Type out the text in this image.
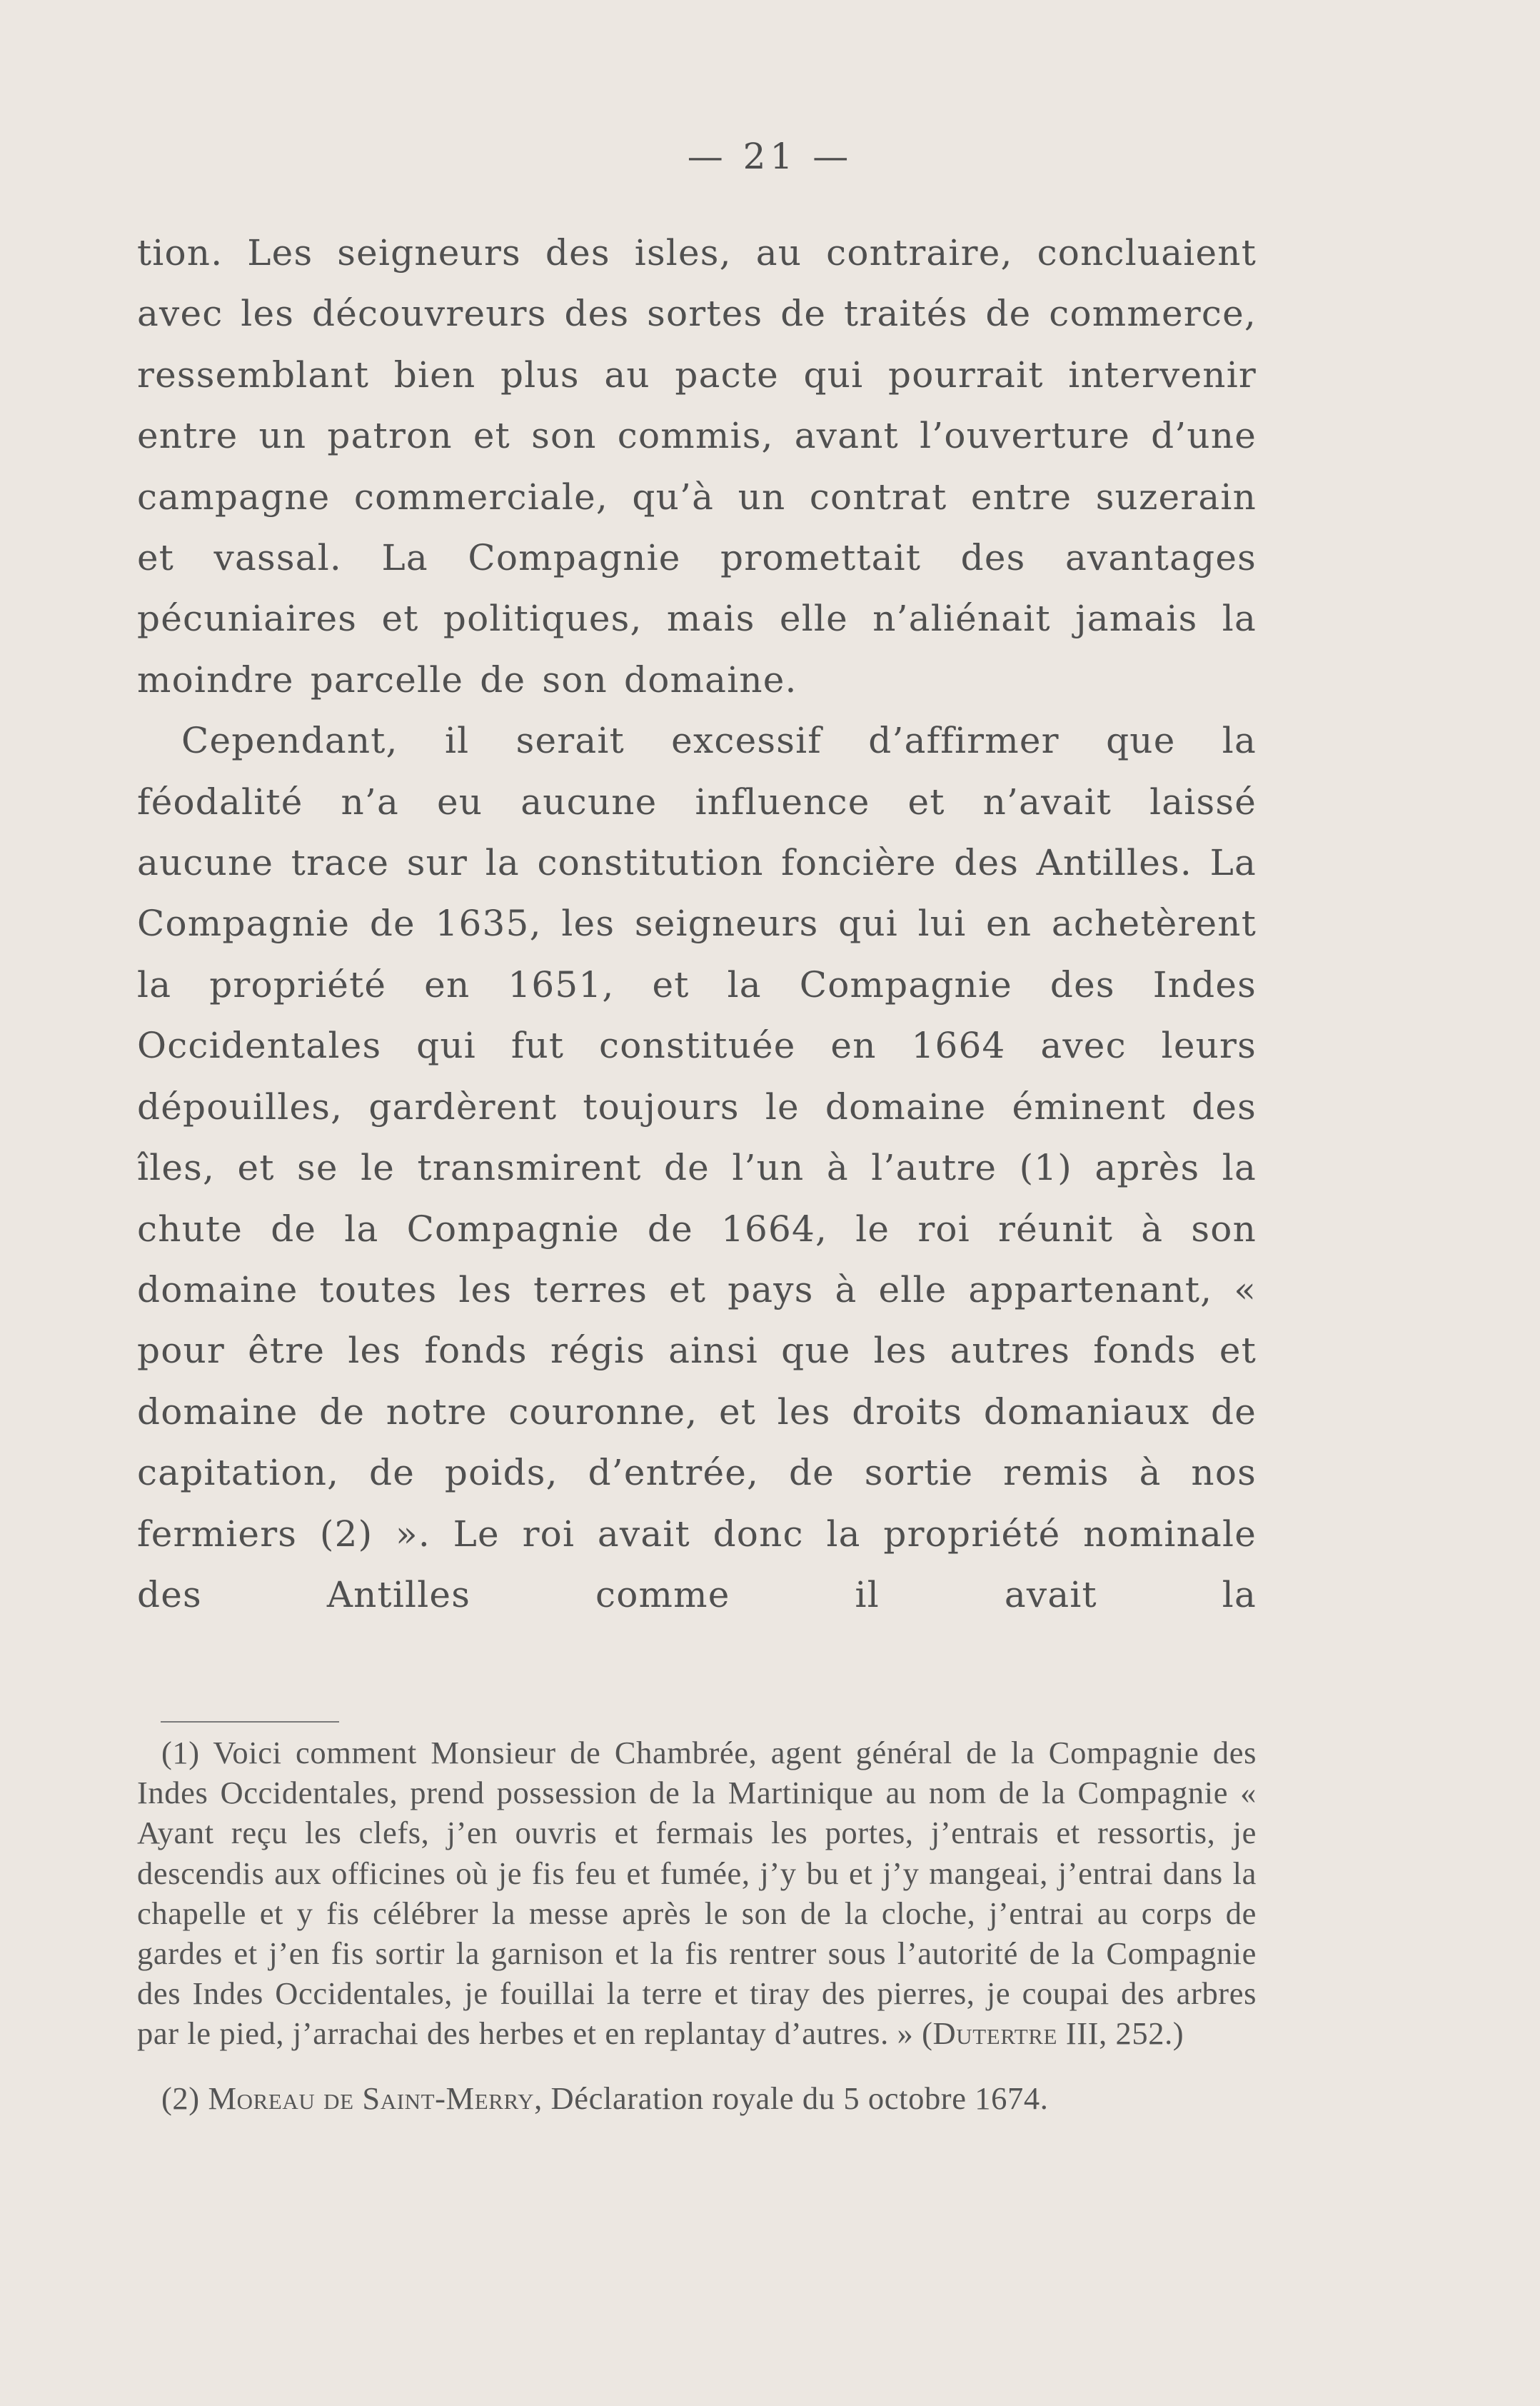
— 21 —

tion. Les seigneurs des isles, au contraire, concluaient avec les découvreurs des sortes de traités de commerce, ressemblant bien plus au pacte qui pourrait intervenir entre un patron et son commis, avant l’ouverture d’une campagne commerciale, qu’à un contrat entre suzerain et vassal. La Compagnie promettait des avantages pécuniaires et politiques, mais elle n’aliénait jamais la moindre parcelle de son domaine.

Cependant, il serait excessif d’affirmer que la féodalité n’a eu aucune influence et n’avait laissé aucune trace sur la constitution foncière des Antilles. La Compagnie de 1635, les seigneurs qui lui en achetèrent la propriété en 1651, et la Compagnie des Indes Occidentales qui fut constituée en 1664 avec leurs dépouilles, gardèrent toujours le domaine éminent des îles, et se le transmirent de l’un à l’autre (1) après la chute de la Compagnie de 1664, le roi réunit à son domaine toutes les terres et pays à elle appartenant, « pour être les fonds régis ainsi que les autres fonds et domaine de notre couronne, et les droits domaniaux de capitation, de poids, d’entrée, de sortie remis à nos fermiers (2) ». Le roi avait donc la propriété nominale des Antilles comme il avait la

(1) Voici comment Monsieur de Chambrée, agent général de la Compagnie des Indes Occidentales, prend possession de la Martinique au nom de la Compagnie « Ayant reçu les clefs, j’en ouvris et fermais les portes, j’entrais et ressortis, je descendis aux officines où je fis feu et fumée, j’y bu et j’y mangeai, j’entrai dans la chapelle et y fis célébrer la messe après le son de la cloche, j’entrai au corps de gardes et j’en fis sortir la garnison et la fis rentrer sous l’autorité de la Compagnie des Indes Occidentales, je fouillai la terre et tiray des pierres, je coupai des arbres par le pied, j’arrachai des herbes et en replantay d’autres. » (Dutertre III, 252.)

(2) Moreau de Saint-Merry, Déclaration royale du 5 octobre 1674.
